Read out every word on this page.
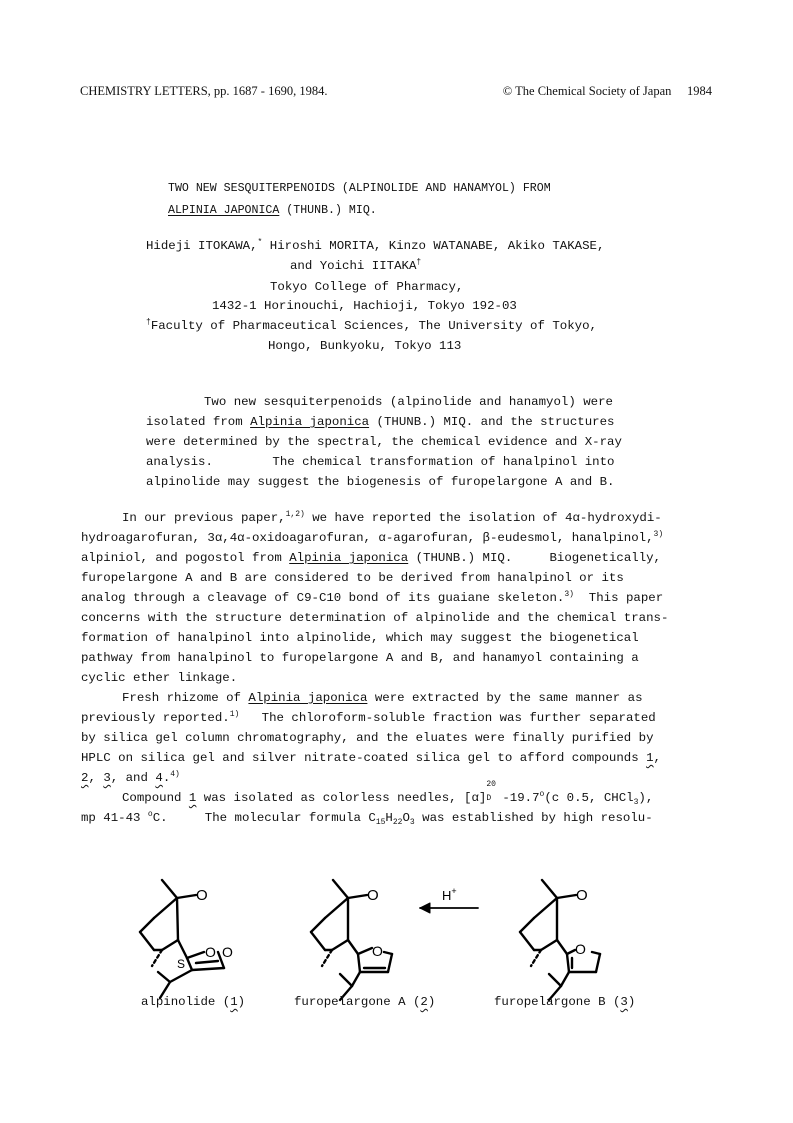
CHEMISTRY LETTERS, pp. 1687 - 1690, 1984.	© The Chemical Society of Japan 1984
TWO NEW SESQUITERPENOIDS (ALPINOLIDE AND HANAMYOL) FROM
ALPINIA JAPONICA (THUNB.) MIQ.
Hideji ITOKAWA,* Hiroshi MORITA, Kinzo WATANABE, Akiko TAKASE,
and Yoichi IITAKA†
Tokyo College of Pharmacy,
1432-1 Horinouchi, Hachioji, Tokyo 192-03
†Faculty of Pharmaceutical Sciences, The University of Tokyo,
Hongo, Bunkyoku, Tokyo 113
Two new sesquiterpenoids (alpinolide and hanamyol) were
isolated from Alpinia japonica (THUNB.) MIQ. and the structures
were determined by the spectral, the chemical evidence and X-ray
analysis.        The chemical transformation of hanalpinol into
alpinolide may suggest the biogenesis of furopelargone A and B.
In our previous paper,$^{1,2)}$ we have reported the isolation of 4α-hydroxydi-
hydroagarofuran, 3α,4α-oxidoagarofuran, α-agarofuran, β-eudesmol, hanalpinol,$^{3)}$
alpiniol, and pogostol from Alpinia japonica (THUNB.) MIQ.     Biogenetically,
furopelargone A and B are considered to be derived from hanalpinol or its
analog through a cleavage of C9-C10 bond of its guaiane skeleton.$^{3)}$  This paper
concerns with the structure determination of alpinolide and the chemical trans-
formation of hanalpinol into alpinolide, which may suggest the biogenetical
pathway from hanalpinol to furopelargone A and B, and hanamyol containing a
cyclic ether linkage.
Fresh rhizome of Alpinia japonica were extracted by the same manner as
previously reported.$^{1)}$   The chloroform-soluble fraction was further separated
by silica gel column chromatography, and the eluates were finally purified by
HPLC on silica gel and silver nitrate-coated silica gel to afford compounds 1,
2, 3, and 4.$^{4)}$
Compound 1 was isolated as colorless needles, [α]
20
D -19.7$^o$(c 0.5, CHCl$_3$),
mp 41-43 $^o$C.     The molecular formula $C_{15}H_{22}O_3$ was established by high resolu-
O	O	O
O O
S
O	O
H+
alpinolide (1)	furopelargone A (2)	furopelargone B (3)
